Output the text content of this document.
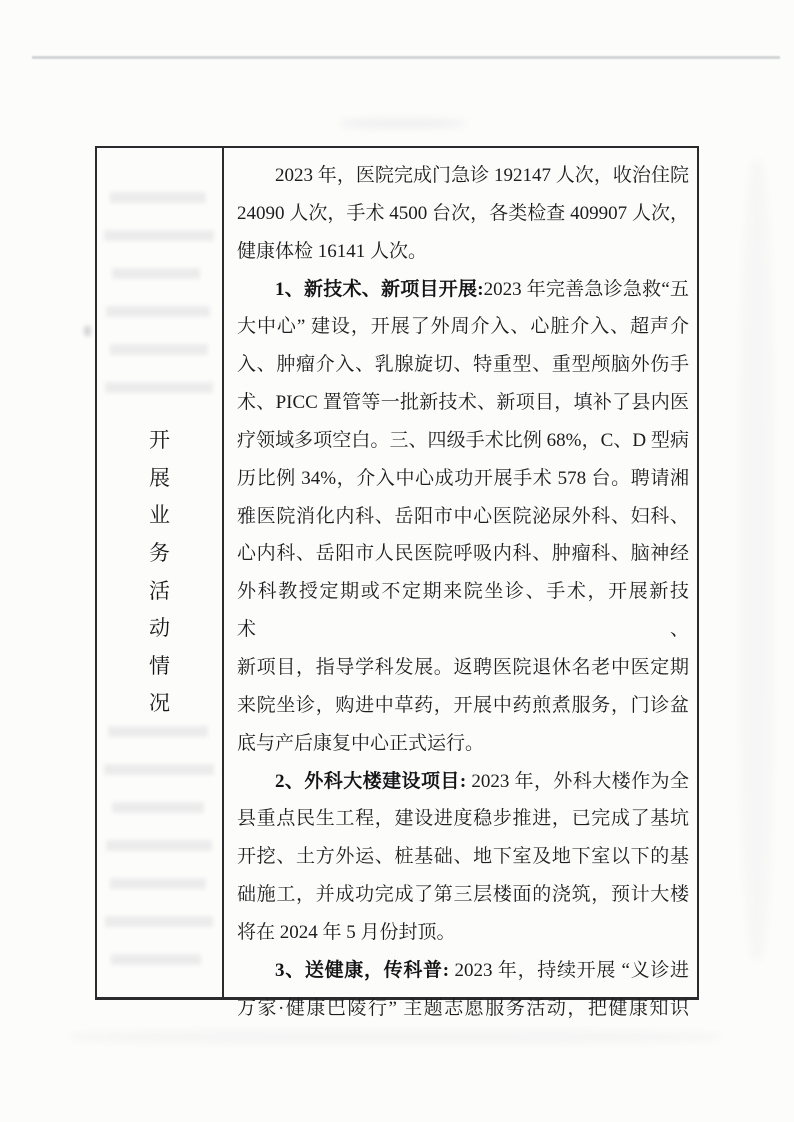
开
展
业
务
活
动
情
况
2023 年，医院完成门急诊 192147 人次，收治住院
24090 人次，手术 4500 台次，各类检查 409907 人次，
健康体检 16141 人次。
1、新技术、新项目开展:2023 年完善急诊急救“五
大中心” 建设，开展了外周介入、心脏介入、超声介
入、肿瘤介入、乳腺旋切、特重型、重型颅脑外伤手
术、PICC 置管等一批新技术、新项目，填补了县内医
疗领域多项空白。三、四级手术比例 68%，C、D 型病
历比例 34%，介入中心成功开展手术 578 台。聘请湘
雅医院消化内科、岳阳市中心医院泌尿外科、妇科、
心内科、岳阳市人民医院呼吸内科、肿瘤科、脑神经
外科教授定期或不定期来院坐诊、手术，开展新技术、
新项目，指导学科发展。返聘医院退休名老中医定期
来院坐诊，购进中草药，开展中药煎煮服务，门诊盆
底与产后康复中心正式运行。
2、外科大楼建设项目: 2023 年，外科大楼作为全
县重点民生工程，建设进度稳步推进，已完成了基坑
开挖、土方外运、桩基础、地下室及地下室以下的基
础施工，并成功完成了第三层楼面的浇筑，预计大楼
将在 2024 年 5 月份封顶。
3、送健康，传科普: 2023 年，持续开展 “义诊进
万家·健康巴陵行” 主题志愿服务活动，把健康知识
